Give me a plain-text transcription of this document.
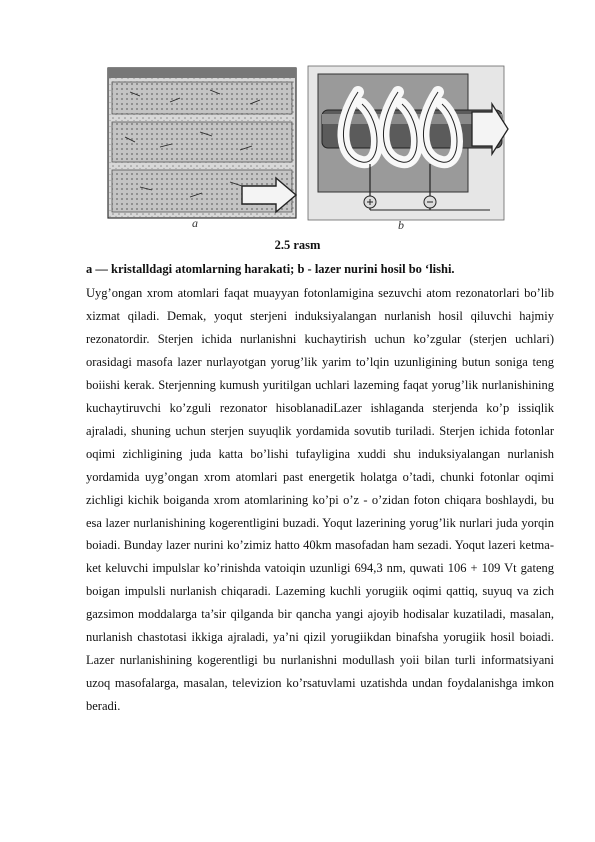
a	b
2.5 rasm
a — kristalldagi atomlarning harakati; b - lazer nurini hosil bo ‘lishi.
Uyg’ongan xrom atomlari faqat muayyan fotonlamigina sezuvchi atom rezonatorlari bo’lib xizmat qiladi. Demak, yoqut sterjeni induksiyalangan nurlanish hosil qiluvchi hajmiy rezonatordir. Sterjen ichida nurlanishni kuchaytirish uchun ko’zgular (sterjen uchlari) orasidagi masofa lazer nurlayotgan yorug’lik yarim to’lqin uzunligining butun soniga teng boiishi kerak. Sterjenning kumush yuritilgan uchlari lazeming faqat yorug’lik nurlanishining kuchaytiruvchi ko’zguli rezonator hisoblanadiLazer ishlaganda sterjenda ko’p issiqlik ajraladi, shuning uchun sterjen suyuqlik yordamida sovutib turiladi. Sterjen ichida fotonlar oqimi zichligining juda katta bo’lishi tufayligina xuddi shu induksiyalangan nurlanish yordamida uyg’ongan xrom atomlari past energetik holatga o’tadi, chunki fotonlar oqimi zichligi kichik boiganda xrom atomlarining ko’pi o’z - o’zidan foton chiqara boshlaydi, bu esa lazer nurlanishining kogerentligini buzadi. Yoqut lazerining yorug’lik nurlari juda yorqin boiadi. Bunday lazer nurini ko’zimiz hatto 40km masofadan ham sezadi. Yoqut lazeri ketma-ket keluvchi impulslar ko’rinishda vatoiqin uzunligi 694,3 nm, quwati 106 + 109 Vt gateng boigan impulsli nurlanish chiqaradi. Lazeming kuchli yorugiik oqimi qattiq, suyuq va zich gazsimon moddalarga ta’sir qilganda bir qancha yangi ajoyib hodisalar kuzatiladi, masalan, nurlanish chastotasi ikkiga ajraladi, ya’ni qizil yorugiikdan binafsha yorugiik hosil boiadi. Lazer nurlanishining kogerentligi bu nurlanishni modullash yoii bilan turli informatsiyani uzoq masofalarga, masalan, televizion ko’rsatuvlami uzatishda undan foydalanishga imkon beradi.
